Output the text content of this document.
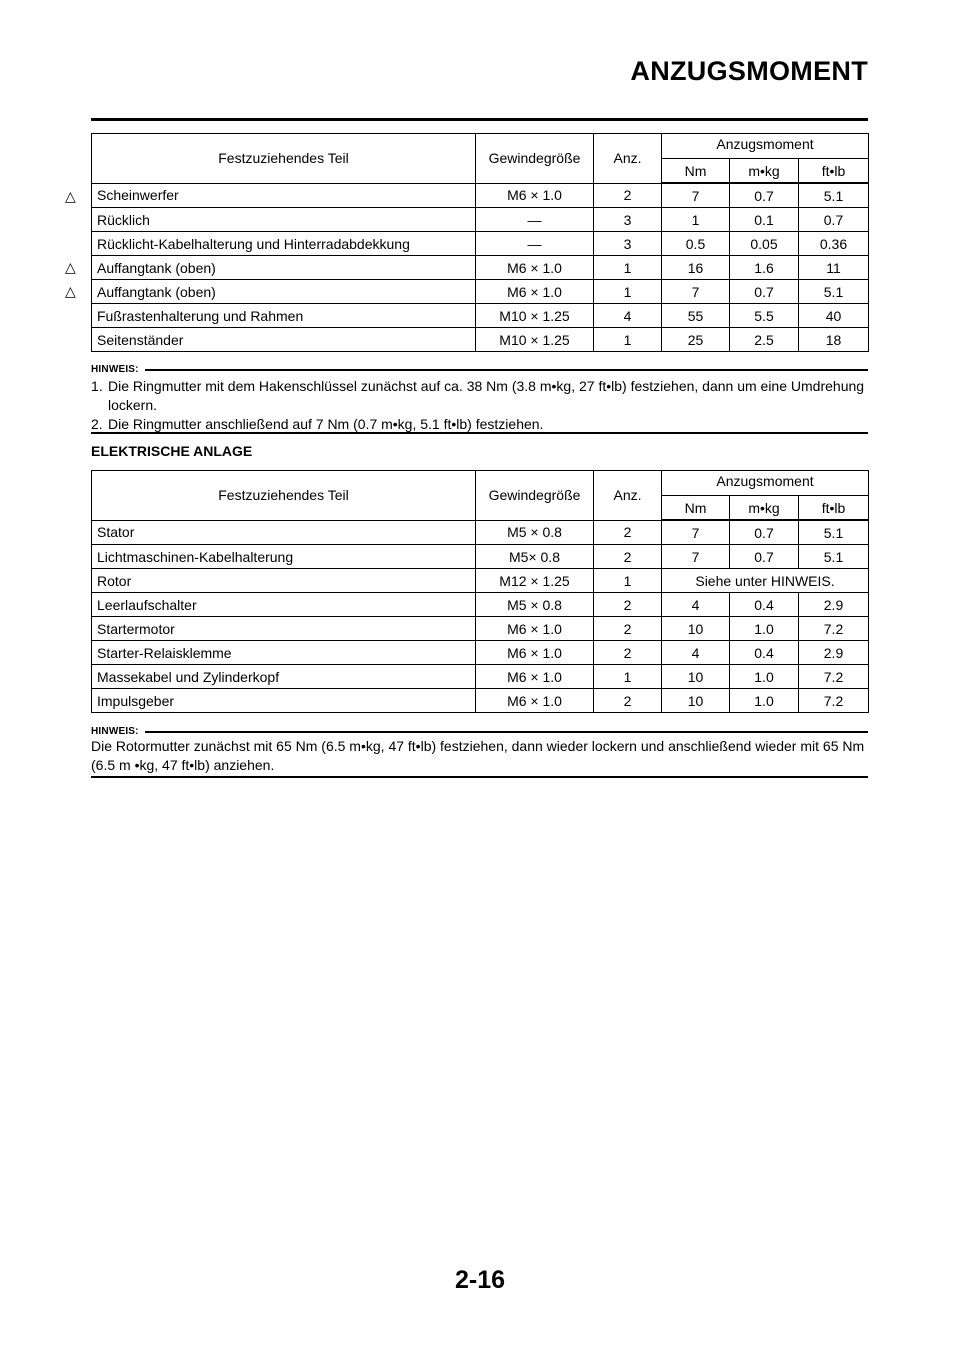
ANZUGSMOMENT
Festzuziehendes Teil	Gewindegröße	Anz.	Anzugsmoment		
			Nm	m•kg	ft•lb
Scheinwerfer	M6 × 1.0	2	7	0.7	5.1
Rücklich	—	3	1	0.1	0.7
Rücklicht-Kabelhalterung und Hinterradabdekkung	—	3	0.5	0.05	0.36
Auffangtank (oben)	M6 × 1.0	1	16	1.6	11
Auffangtank (oben)	M6 × 1.0	1	7	0.7	5.1
Fußrastenhalterung und Rahmen	M10 × 1.25	4	55	5.5	40
Seitenständer	M10 × 1.25	1	25	2.5	18
△
△
△
HINWEIS:
1. Die Ringmutter mit dem Hakenschlüssel zunächst auf ca. 38 Nm (3.8 m•kg, 27 ft•lb) festziehen, dann um eine Umdrehung lockern.
2. Die Ringmutter anschließend auf 7 Nm (0.7 m•kg, 5.1 ft•lb) festziehen.
ELEKTRISCHE ANLAGE
Festzuziehendes Teil	Gewindegröße	Anz.	Anzugsmoment		
			Nm	m•kg	ft•lb
Stator	M5 × 0.8	2	7	0.7	5.1
Lichtmaschinen-Kabelhalterung	M5× 0.8	2	7	0.7	5.1
Rotor	M12 × 1.25	1	Siehe unter HINWEIS.		
Leerlaufschalter	M5 × 0.8	2	4	0.4	2.9
Startermotor	M6 × 1.0	2	10	1.0	7.2
Starter-Relaisklemme	M6 × 1.0	2	4	0.4	2.9
Massekabel und Zylinderkopf	M6 × 1.0	1	10	1.0	7.2
Impulsgeber	M6 × 1.0	2	10	1.0	7.2
HINWEIS:

Die Rotormutter zunächst mit 65 Nm (6.5 m•kg, 47 ft•lb) festziehen, dann wieder lockern und anschließend wieder mit 65 Nm (6.5 m •kg, 47 ft•lb) anziehen.

2-16
